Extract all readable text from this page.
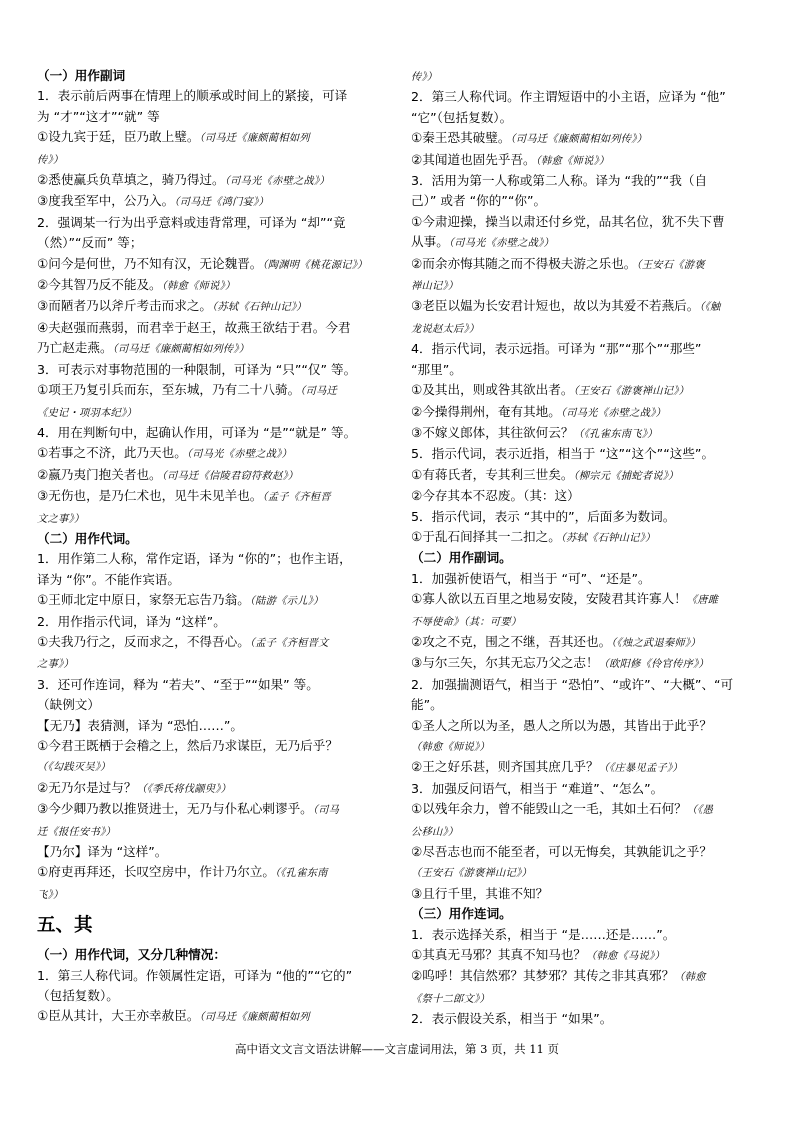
（一）用作副词
1．表示前后两事在情理上的顺承或时间上的紧接，可译
为 “才”“这才”“就” 等
①设九宾于廷，臣乃敢上璧。（司马迁《廉颇蔺相如列
传》）
②悉使赢兵负草填之，骑乃得过。（司马光《赤壁之战》）
③度我至军中，公乃入。（司马迁《鸿门宴》）
2．强调某一行为出乎意料或违背常理，可译为 “却”“竟
（然）”“反而” 等；
①问今是何世，乃不知有汉，无论魏晋。（陶渊明《桃花源记》）
②今其智乃反不能及。（韩愈《师说》）
③而陋者乃以斧斤考击而求之。（苏轼《石钟山记》）
④夫赵强而燕弱，而君幸于赵王，故燕王欲结于君。今君
乃亡赵走燕。（司马迁《廉颇蔺相如列传》）
3．可表示对事物范围的一种限制，可译为 “只”“仅” 等。
①项王乃复引兵而东，至东城，乃有二十八骑。（司马迁
《史记・项羽本纪》）
4．用在判断句中，起确认作用，可译为 “是”“就是” 等。
①若事之不济，此乃天也。（司马光《赤壁之战》）
②嬴乃夷门抱关者也。（司马迁《信陵君窃符救赵》）
③无伤也，是乃仁术也，见牛未见羊也。（孟子《齐桓晋
文之事》）
（二）用作代词。
1．用作第二人称，常作定语，译为 “你的”；也作主语，
译为 “你”。不能作宾语。
①王师北定中原日，家祭无忘告乃翁。（陆游《示儿》）
2．用作指示代词，译为 “这样”。
①夫我乃行之，反而求之，不得吾心。（孟子《齐桓晋文
之事》）
3．还可作连词，释为 “若夫”、“至于”“如果” 等。
（缺例文）
【无乃】表猜测，译为 “恐怕……”。
①今君王既栖于会稽之上，然后乃求谋臣，无乃后乎？
（《勾践灭吴》）
②无乃尔是过与？（《季氏将伐颛臾》）
③今少卿乃教以推贤进士，无乃与仆私心剌谬乎。（司马
迁《报任安书》）
【乃尔】译为 “这样”。
①府吏再拜还，长叹空房中，作计乃尔立。（《孔雀东南
飞》）
五、其
（一）用作代词，又分几种情况：
1．第三人称代词。作领属性定语，可译为 “他的”“它的”
（包括复数）。
①臣从其计，大王亦幸赦臣。（司马迁《廉颇蔺相如列
传》）
2．第三人称代词。作主谓短语中的小主语，应译为 “他”
“它”（包括复数）。
①秦王恐其破璧。（司马迁《廉颇蔺相如列传》）
②其闻道也固先乎吾。（韩愈《师说》）
3．活用为第一人称或第二人称。译为 “我的”“我（自
己）” 或者 “你的”“你”。
①今肃迎操，操当以肃还付乡党，品其名位，犹不失下曹
从事。（司马光《赤壁之战》）
②而余亦悔其随之而不得极夫游之乐也。（王安石《游褒
禅山记》）
③老臣以媪为长安君计短也，故以为其爱不若燕后。（《触
龙说赵太后》）
4．指示代词，表示远指。可译为 “那”“那个”“那些”
“那里”。
①及其出，则或咎其欲出者。（王安石《游褒禅山记》）
②今操得荆州，奄有其地。（司马光《赤壁之战》）
③不嫁义郎体，其往欲何云？（《孔雀东南飞》）
5．指示代词，表示近指，相当于 “这”“这个”“这些”。
①有蒋氏者，专其利三世矣。（柳宗元《捕蛇者说》）
②今存其本不忍废。（其：这）
5．指示代词，表示 “其中的”，后面多为数词。
①于乱石间择其一二扣之。（苏轼《石钟山记》）
（二）用作副词。
1．加强祈使语气，相当于 “可”、“还是”。
①寡人欲以五百里之地易安陵，安陵君其许寡人！《唐雎
不辱使命》（其：可要）
②攻之不克，围之不继，吾其还也。（《烛之武退秦师》）
③与尔三矢，尔其无忘乃父之志！（欧阳修《伶官传序》）
2．加强揣测语气，相当于 “恐怕”、“或许”、“大概”、“可
能”。
①圣人之所以为圣，愚人之所以为愚，其皆出于此乎？
（韩愈《师说》）
②王之好乐甚，则齐国其庶几乎？（《庄暴见孟子》）
3．加强反问语气，相当于 “难道”、“怎么”。
①以残年余力，曾不能毁山之一毛，其如土石何？（《愚
公移山》）
②尽吾志也而不能至者，可以无悔矣，其孰能讥之乎？
（王安石《游褒禅山记》）
③且行千里，其谁不知？
（三）用作连词。
1．表示选择关系，相当于 “是……还是……”。
①其真无马邪？其真不知马也？（韩愈《马说》）
②呜呼！其信然邪？其梦邪？其传之非其真邪？（韩愈
《祭十二郎文》）
2．表示假设关系，相当于 “如果”。
高中语文文言文语法讲解——文言虚词用法，第 3 页，共 11 页
